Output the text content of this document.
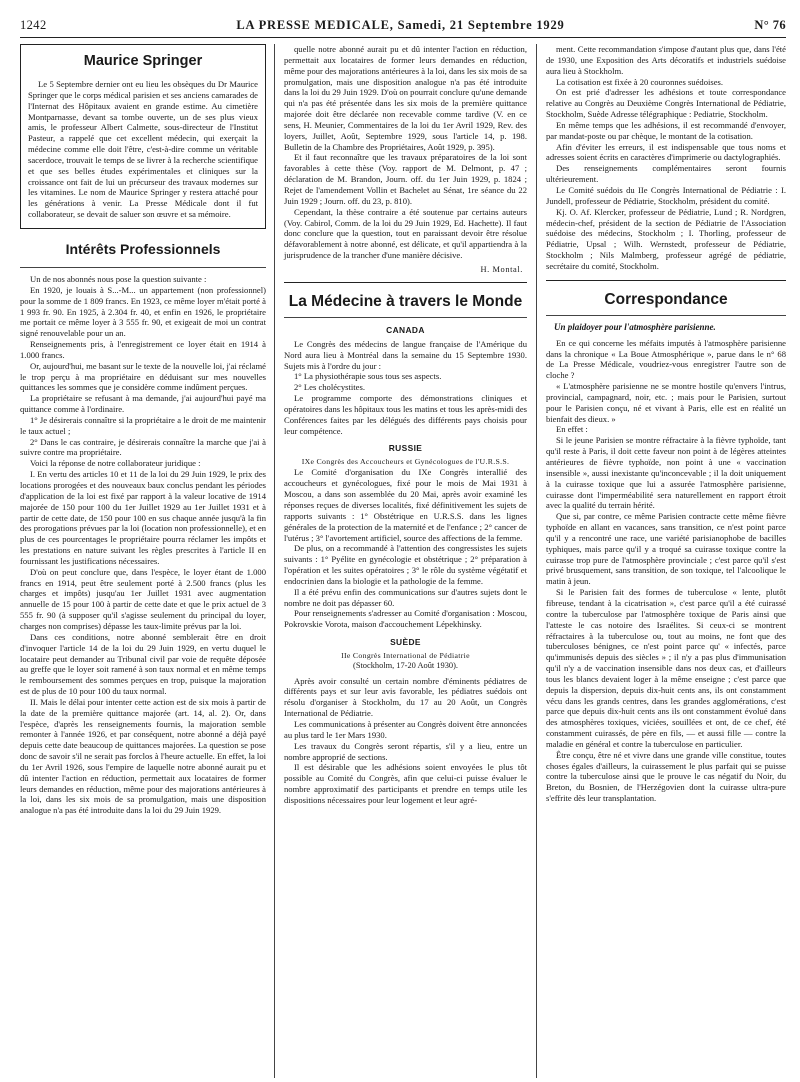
1242	LA PRESSE MEDICALE, Samedi, 21 Septembre 1929	N° 76
Maurice Springer

Le 5 Septembre dernier ont eu lieu les obsèques du Dr Maurice Springer que le corps médical parisien et ses anciens camarades de l'Internat des Hôpitaux avaient en grande estime. Au cimetière Montparnasse, devant sa tombe ouverte, un de ses plus vieux amis, le professeur Albert Calmette, sous-directeur de l'Institut Pasteur, a rappelé que cet excellent médecin, qui exerçait la médecine comme elle doit l'être, c'est-à-dire comme un véritable sacerdoce, trouvait le temps de se livrer à la recherche scientifique et que ses belles études expérimentales et cliniques sur la croissance ont fait de lui un précurseur des travaux modernes sur les vitamines. Le nom de Maurice Springer y restera attaché pour les générations à venir. La Presse Médicale dont il fut collaborateur, se devait de saluer son œuvre et sa mémoire.

Intérêts Professionnels

Un de nos abonnés nous pose la question suivante :

En 1920, je louais à S...-M... un appartement (non professionnel) pour la somme de 1 809 francs. En 1923, ce même loyer m'était porté à 1 993 fr. 90. En 1925, à 2.304 fr. 40, et enfin en 1926, le propriétaire me portait ce même loyer à 3 555 fr. 90, et exigeait de moi un contrat signé renouvelable pour un an.

Renseignements pris, à l'enregistrement ce loyer était en 1914 à 1.000 francs.

Or, aujourd'hui, me basant sur le texte de la nouvelle loi, j'ai réclamé le trop perçu à ma propriétaire en déduisant sur mes nouvelles quittances les sommes que je considère comme indûment perçues.

La propriétaire se refusant à ma demande, j'ai aujourd'hui payé ma quittance comme à l'ordinaire.

1° Je désirerais connaître si la propriétaire a le droit de me maintenir le taux actuel ;

2° Dans le cas contraire, je désirerais connaître la marche que j'ai à suivre contre ma propriétaire.

Voici la réponse de notre collaborateur juridique :

I. En vertu des articles 10 et 11 de la loi du 29 Juin 1929, le prix des locations prorogées et des nouveaux baux conclus pendant les périodes d'application de la loi est fixé par rapport à la valeur locative de 1914 majorée de 150 pour 100 du 1er Juillet 1929 au 1er Juillet 1931 et à partir de cette date, de 150 pour 100 en sus chaque année jusqu'à la fin des prorogations prévues par la loi (location non professionnelle), et en plus de ces pourcentages le propriétaire pourra réclamer les impôts et les prestations en nature suivant les règles prescrites à l'article II en fournissant les justifications nécessaires.

D'où on peut conclure que, dans l'espèce, le loyer étant de 1.000 francs en 1914, peut être seulement porté à 2.500 francs (plus les charges et impôts) jusqu'au 1er Juillet 1931 avec augmentation annuelle de 15 pour 100 à partir de cette date et que le prix actuel de 3 555 fr. 90 (à supposer qu'il s'agisse seulement du principal du loyer, charges non comprises) dépasse les taux-limite prévus par la loi.

Dans ces conditions, notre abonné semblerait être en droit d'invoquer l'article 14 de la loi du 29 Juin 1929, en vertu duquel le locataire peut demander au Tribunal civil par voie de requête déposée au greffe que le loyer soit ramené à son taux normal et en même temps le remboursement des sommes perçues en trop, puisque la majoration est de plus de 10 pour 100 du taux normal.

II. Mais le délai pour intenter cette action est de six mois à partir de la date de la première quittance majorée (art. 14, al. 2). Or, dans l'espèce, d'après les renseignements fournis, la majoration semble remonter à l'année 1926, et par conséquent, notre abonné a déjà payé depuis cette date beaucoup de quittances majorées. La question se pose donc de savoir s'il ne serait pas forclos à l'heure actuelle. En effet, la loi du 1er Avril 1926, sous l'empire de laquelle notre abonné aurait pu et dû intenter l'action en réduction, permettait aux locataires de former leurs demandes en réduction, même pour des majorations antérieures à la loi, dans les six mois de sa promulgation, mais une disposition analogue n'a pas été introduite dans la loi du 29 Juin 1929.

quelle notre abonné aurait pu et dû intenter l'action en réduction, permettait aux locataires de former leurs demandes en réduction, même pour des majorations antérieures à la loi, dans les six mois de sa promulgation, mais une disposition analogue n'a pas été introduite dans la loi du 29 Juin 1929. D'où on pourrait conclure qu'une demande qui n'a pas été présentée dans les six mois de la première quittance majorée doit être déclarée non recevable comme tardive (V. en ce sens, H. Meunier, Commentaires de la loi du 1er Avril 1929, Rev. des loyers, Juillet, Août, Septembre 1929, sous l'article 14, p. 198. Bulletin de la Chambre des Propriétaires, Août 1929, p. 395).

Et il faut reconnaître que les travaux préparatoires de la loi sont favorables à cette thèse (Voy. rapport de M. Delmont, p. 47 ; déclaration de M. Brandon, Journ. off. du 1er Juin 1929, p. 1824 ; Rejet de l'amendement Vollin et Bachelet au Sénat, 1re séance du 22 Juin 1929 ; Journ. off. du 23, p. 810).

Cependant, la thèse contraire a été soutenue par certains auteurs (Voy. Cabirol, Comm. de la loi du 29 Juin 1929, Ed. Hachette). Il faut donc conclure que la question, tout en paraissant devoir être résolue défavorablement à notre abonné, est délicate, et qu'il appartiendra à la jurisprudence de la trancher d'une manière décisive.

H. Montal.
La Médecine à travers le Monde
CANADA

Le Congrès des médecins de langue française de l'Amérique du Nord aura lieu à Montréal dans la semaine du 15 Septembre 1930. Sujets mis à l'ordre du jour :

1° La physiothérapie sous tous ses aspects.

2° Les cholécystites.

Le programme comporte des démonstrations cliniques et opératoires dans les hôpitaux tous les matins et tous les après-midi des Conférences faites par les délégués des différents pays choisis pour leur compétence.

RUSSIE
IXe Congrès des Accoucheurs et Gynécologues de l'U.R.S.S.

Le Comité d'organisation du IXe Congrès interallié des accoucheurs et gynécologues, fixé pour le mois de Mai 1931 à Moscou, a dans son assemblée du 20 Mai, après avoir examiné les réponses reçues de diverses localités, fixé définitivement les sujets de rapports suivants : 1° Obstétrique en U.R.S.S. dans les lignes générales de la protection de la maternité et de l'enfance ; 2° cancer de l'utérus ; 3° l'avortement artificiel, source des affections de la femme.

De plus, on a recommandé à l'attention des congressistes les sujets suivants : 1° Pyélite en gynécologie et obstétrique ; 2° préparation à l'opération et les suites opératoires ; 3° le rôle du système végétatif et endocrinien dans la biologie et la pathologie de la femme.

Il a été prévu enfin des communications sur d'autres sujets dont le nombre ne doit pas dépasser 60.

Pour renseignements s'adresser au Comité d'organisation : Moscou, Pokrovskie Vorota, maison d'accouchement Lépekhinsky.

SUÈDE
IIe Congrès International de Pédiatrie
(Stockholm, 17-20 Août 1930).

Après avoir consulté un certain nombre d'éminents pédiatres de différents pays et sur leur avis favorable, les pédiatres suédois ont résolu d'organiser à Stockholm, du 17 au 20 Août, un Congrès International de Pédiatrie.

Les communications à présenter au Congrès doivent être annoncées au plus tard le 1er Mars 1930.

Les travaux du Congrès seront répartis, s'il y a lieu, entre un nombre approprié de sections.

Il est désirable que les adhésions soient envoyées le plus tôt possible au Comité du Congrès, afin que celui-ci puisse évaluer le nombre approximatif des participants et prendre en temps utile les dispositions nécessaires pour leur logement et leur agré-

ment. Cette recommandation s'impose d'autant plus que, dans l'été de 1930, une Exposition des Arts décoratifs et industriels suédoise aura lieu à Stockholm.

La cotisation est fixée à 20 couronnes suédoises.

On est prié d'adresser les adhésions et toute correspondance relative au Congrès au Deuxième Congrès International de Pédiatrie, Stockholm, Suède Adresse télégraphique : Pediatrie, Stockholm.

En même temps que les adhésions, il est recommandé d'envoyer, par mandat-poste ou par chèque, le montant de la cotisation.

Afin d'éviter les erreurs, il est indispensable que tous noms et adresses soient écrits en caractères d'imprimerie ou dactylographiés.

Des renseignements complémentaires seront fournis ultérieurement.

Le Comité suédois du IIe Congrès International de Pédiatrie : I. Jundell, professeur de Pédiatrie, Stockholm, président du comité.

Kj. O. Af. Klercker, professeur de Pédiatrie, Lund ; R. Nordgren, médecin-chef, président de la section de Pédiatrie de l'Association suédoise des médecins, Stockholm ; I. Thorling, professeur de Pédiatrie, Upsal ; Wilh. Wernstedt, professeur de Pédiatrie, Stockholm ; Nils Malmberg, professeur agrégé de pédiatrie, secrétaire du comité, Stockholm.

Correspondance
Un plaidoyer pour l'atmosphère parisienne.

En ce qui concerne les méfaits imputés à l'atmosphère parisienne dans la chronique « La Boue Atmosphérique », parue dans le n° 68 de La Presse Médicale, voudriez-vous enregistrer l'autre son de cloche ?

« L'atmosphère parisienne ne se montre hostile qu'envers l'intrus, provincial, campagnard, noir, etc. ; mais pour le Parisien, surtout pour le Parisien conçu, né et vivant à Paris, elle est en réalité un bienfait des dieux. »

En effet :

Si le jeune Parisien se montre réfractaire à la fièvre typhoïde, tant qu'il reste à Paris, il doit cette faveur non point à de légères atteintes antérieures de fièvre typhoïde, non point à une « vaccination insensible », aussi inexistante qu'inconcevable ; il la doit uniquement à la cuirasse toxique que lui a assurée l'atmosphère parisienne, cuirasse dont l'imperméabilité sera naturellement en rapport étroit avec la qualité du terrain hérité.

Que si, par contre, ce même Parisien contracte cette même fièvre typhoïde en allant en vacances, sans transition, ce n'est point parce qu'il y a rencontré une race, une variété parisianophobe de bacilles typhiques, mais parce qu'il y a troqué sa cuirasse toxique contre la cuirasse trop pure de l'atmosphère provinciale ; c'est parce qu'il s'est privé brusquement, sans transition, de son toxique, tel l'alcoolique le matin à jeun.

Si le Parisien fait des formes de tuberculose « lente, plutôt fibreuse, tendant à la cicatrisation », c'est parce qu'il a été cuirassé contre la tuberculose par l'atmosphère toxique de Paris ainsi que l'atteste le cas notoire des Israélites. Si ceux-ci se montrent réfractaires à la tuberculose ou, tout au moins, ne font que des tuberculoses bénignes, ce n'est point parce qu' « infectés, parce qu'immunisés depuis des siècles » ; il n'y a pas plus d'immunisation qu'il n'y a de vaccination insensible dans nos deux cas, et d'ailleurs tous les blancs devaient loger à la même enseigne ; c'est parce que depuis la dispersion, depuis dix-huit cents ans, ils ont constamment vécu dans les grands centres, dans les grandes agglomérations, c'est parce que depuis dix-huit cents ans ils ont constamment évolué dans des atmosphères toxiques, viciées, souillées et ont, de ce chef, été constamment cuirassés, de père en fils, — et aussi fille — contre la maladie en général et contre la tuberculose en particulier.

Être conçu, être né et vivre dans une grande ville constitue, toutes choses égales d'ailleurs, la cuirassement le plus parfait qui se puisse contre la tuberculose ainsi que le prouve le cas négatif du Noir, du Breton, du Bosnien, de l'Herzégovien dont la cuirasse ultra-pure s'effrite dès leur transplantation.
